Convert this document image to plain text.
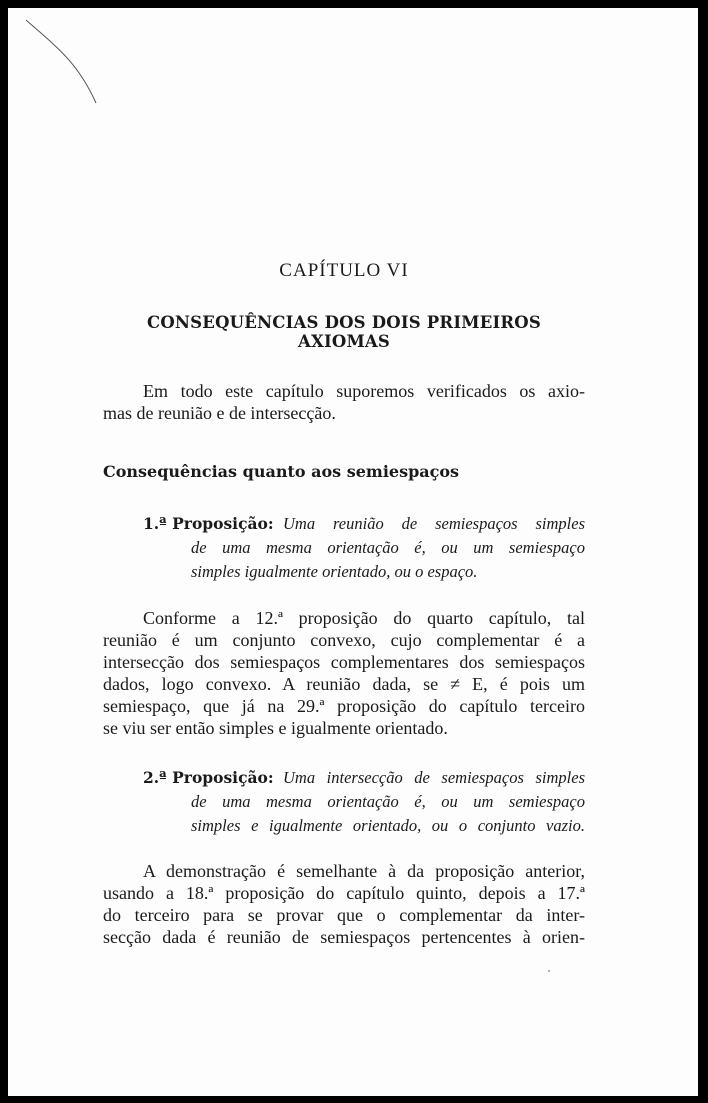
CAPÍTULO VI
CONSEQUÊNCIAS DOS DOIS PRIMEIROS AXIOMAS
Em todo este capítulo suporemos verificados os axio-
mas de reunião e de intersecção.
Consequências quanto aos semiespaços
1.ª Proposição: Uma reunião de semiespaços simples
de uma mesma orientação é, ou um semiespaço
simples igualmente orientado, ou o espaço.
Conforme a 12.ª proposição do quarto capítulo, tal
reunião é um conjunto convexo, cujo complementar é a
intersecção dos semiespaços complementares dos semiespaços
dados, logo convexo. A reunião dada, se ≠ E, é pois um
semiespaço, que já na 29.ª proposição do capítulo terceiro
se viu ser então simples e igualmente orientado.
2.ª Proposição: Uma intersecção de semiespaços simples
de uma mesma orientação é, ou um semiespaço
simples e igualmente orientado, ou o conjunto vazio.
A demonstração é semelhante à da proposição anterior,
usando a 18.ª proposição do capítulo quinto, depois a 17.ª
do terceiro para se provar que o complementar da inter-
secção dada é reunião de semiespaços pertencentes à orien-
